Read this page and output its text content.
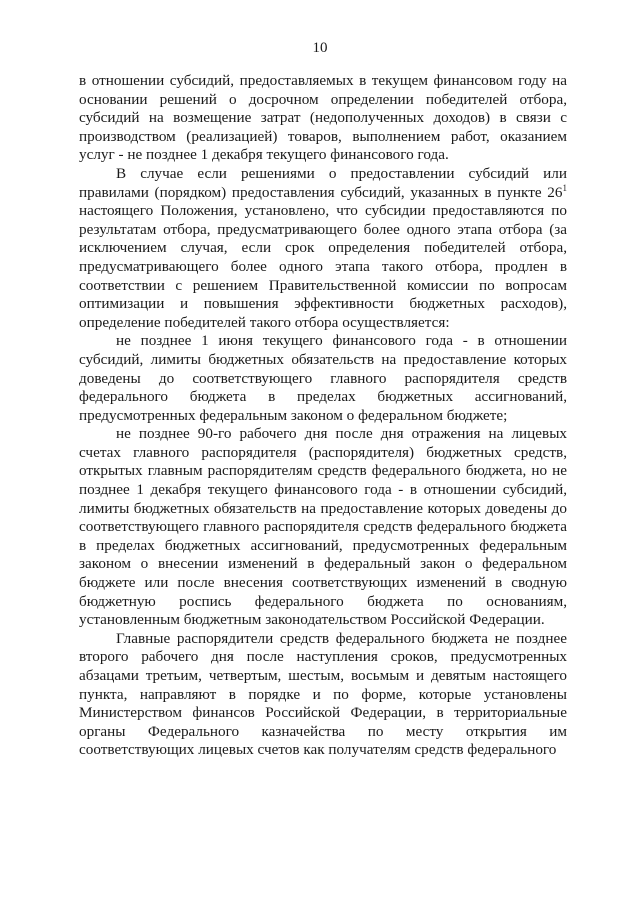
10

в отношении субсидий, предоставляемых в текущем финансовом году на основании решений о досрочном определении победителей отбора, субсидий на возмещение затрат (недополученных доходов) в связи с производством (реализацией) товаров, выполнением работ, оказанием услуг - не позднее 1 декабря текущего финансового года.

В случае если решениями о предоставлении субсидий или правилами (порядком) предоставления субсидий, указанных в пункте $26^1$ настоящего Положения, установлено, что субсидии предоставляются по результатам отбора, предусматривающего более одного этапа отбора (за исключением случая, если срок определения победителей отбора, предусматривающего более одного этапа такого отбора, продлен в соответствии с решением Правительственной комиссии по вопросам оптимизации и повышения эффективности бюджетных расходов), определение победителей такого отбора осуществляется:

не позднее 1 июня текущего финансового года - в отношении субсидий, лимиты бюджетных обязательств на предоставление которых доведены до соответствующего главного распорядителя средств федерального бюджета в пределах бюджетных ассигнований, предусмотренных федеральным законом о федеральном бюджете;

не позднее 90-го рабочего дня после дня отражения на лицевых счетах главного распорядителя (распорядителя) бюджетных средств, открытых главным распорядителям средств федерального бюджета, но не позднее 1 декабря текущего финансового года - в отношении субсидий, лимиты бюджетных обязательств на предоставление которых доведены до соответствующего главного распорядителя средств федерального бюджета в пределах бюджетных ассигнований, предусмотренных федеральным законом о внесении изменений в федеральный закон о федеральном бюджете или после внесения соответствующих изменений в сводную бюджетную роспись федерального бюджета по основаниям, установленным бюджетным законодательством Российской Федерации.

Главные распорядители средств федерального бюджета не позднее второго рабочего дня после наступления сроков, предусмотренных абзацами третьим, четвертым, шестым, восьмым и девятым настоящего пункта, направляют в порядке и по форме, которые установлены Министерством финансов Российской Федерации, в территориальные органы Федерального казначейства по месту открытия им соответствующих лицевых счетов как получателям средств федерального
